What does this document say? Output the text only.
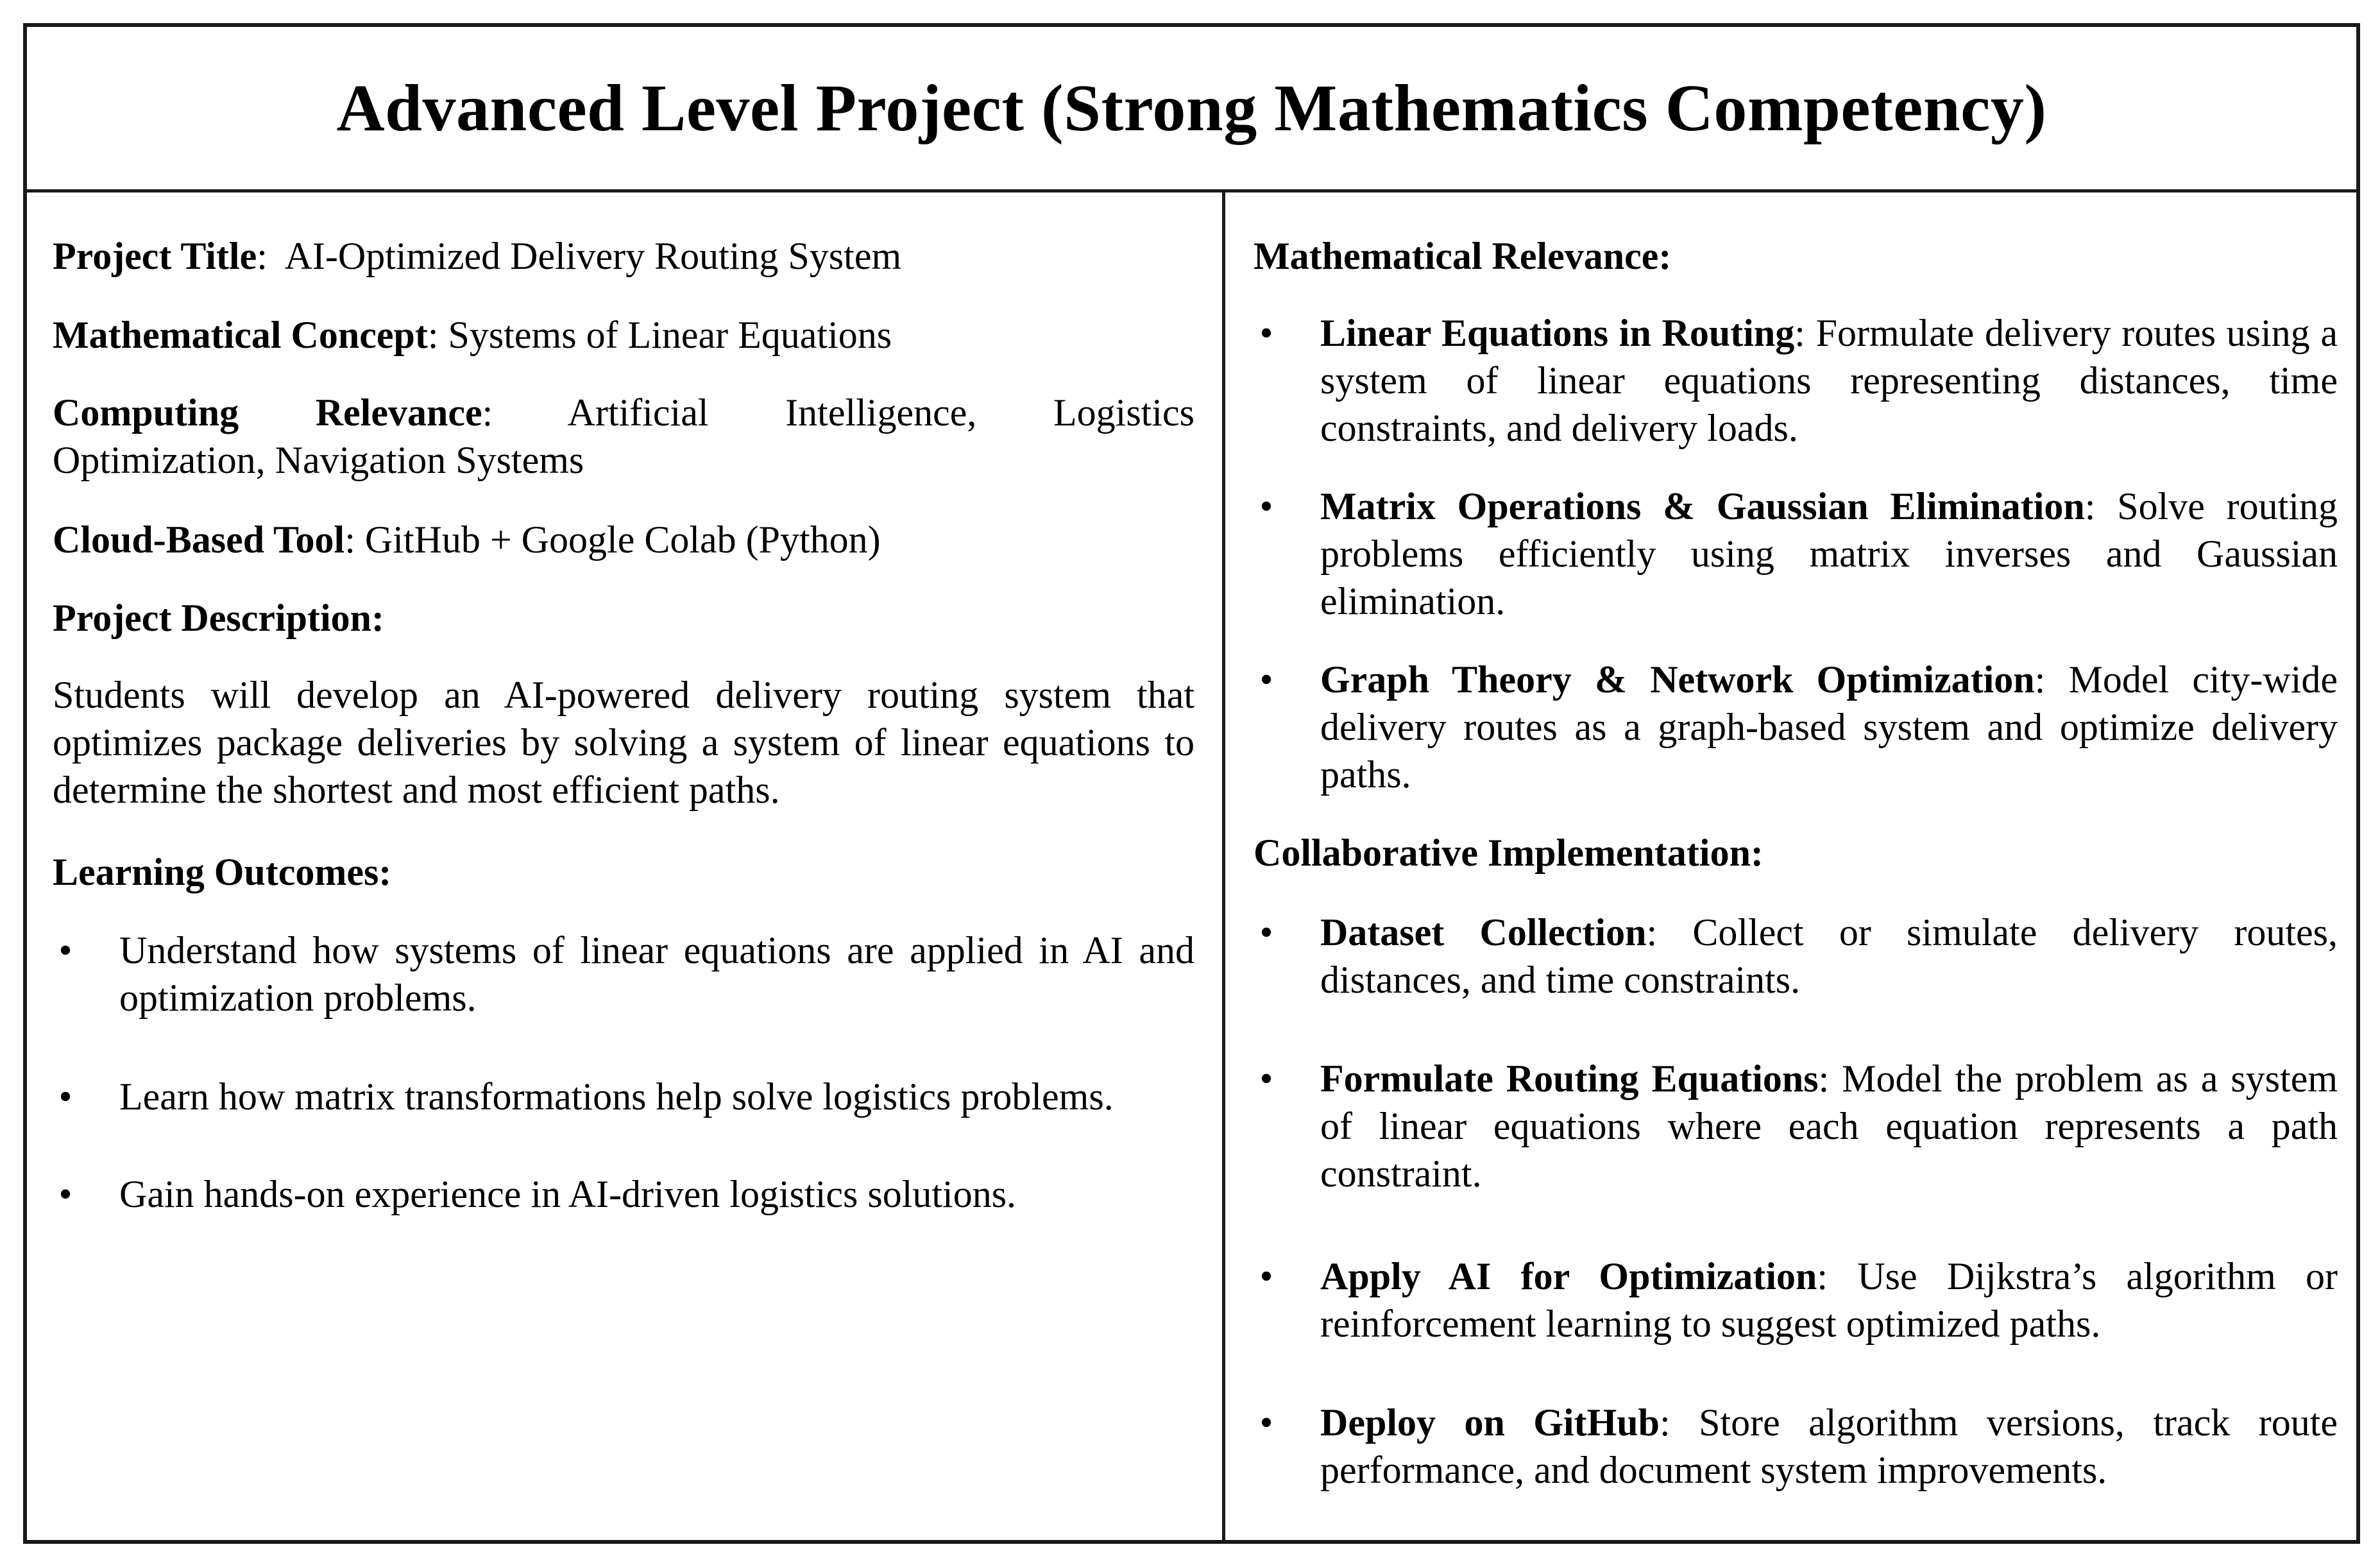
Advanced Level Project (Strong Mathematics Competency)

Project Title:  AI-Optimized Delivery Routing System

Mathematical Concept: Systems of Linear Equations

Computing Relevance: Artificial Intelligence, Logistics

Optimization, Navigation Systems

Cloud-Based Tool: GitHub + Google Colab (Python)

Project Description:

Students will develop an AI-powered delivery routing system that optimizes package deliveries by solving a system of linear equations to determine the shortest and most efficient paths.

Learning Outcomes:

• Understand how systems of linear equations are applied in AI and optimization problems.

• Learn how matrix transformations help solve logistics problems.

• Gain hands-on experience in AI-driven logistics solutions.

Mathematical Relevance:

• Linear Equations in Routing: Formulate delivery routes using a system of linear equations representing distances, time constraints, and delivery loads.

• Matrix Operations & Gaussian Elimination: Solve routing problems efficiently using matrix inverses and Gaussian elimination.

• Graph Theory & Network Optimization: Model city-wide delivery routes as a graph-based system and optimize delivery paths.

Collaborative Implementation:

• Dataset Collection: Collect or simulate delivery routes, distances, and time constraints.

• Formulate Routing Equations: Model the problem as a system of linear equations where each equation represents a path constraint.

• Apply AI for Optimization: Use Dijkstra’s algorithm or reinforcement learning to suggest optimized paths.

• Deploy on GitHub: Store algorithm versions, track route performance, and document system improvements.
